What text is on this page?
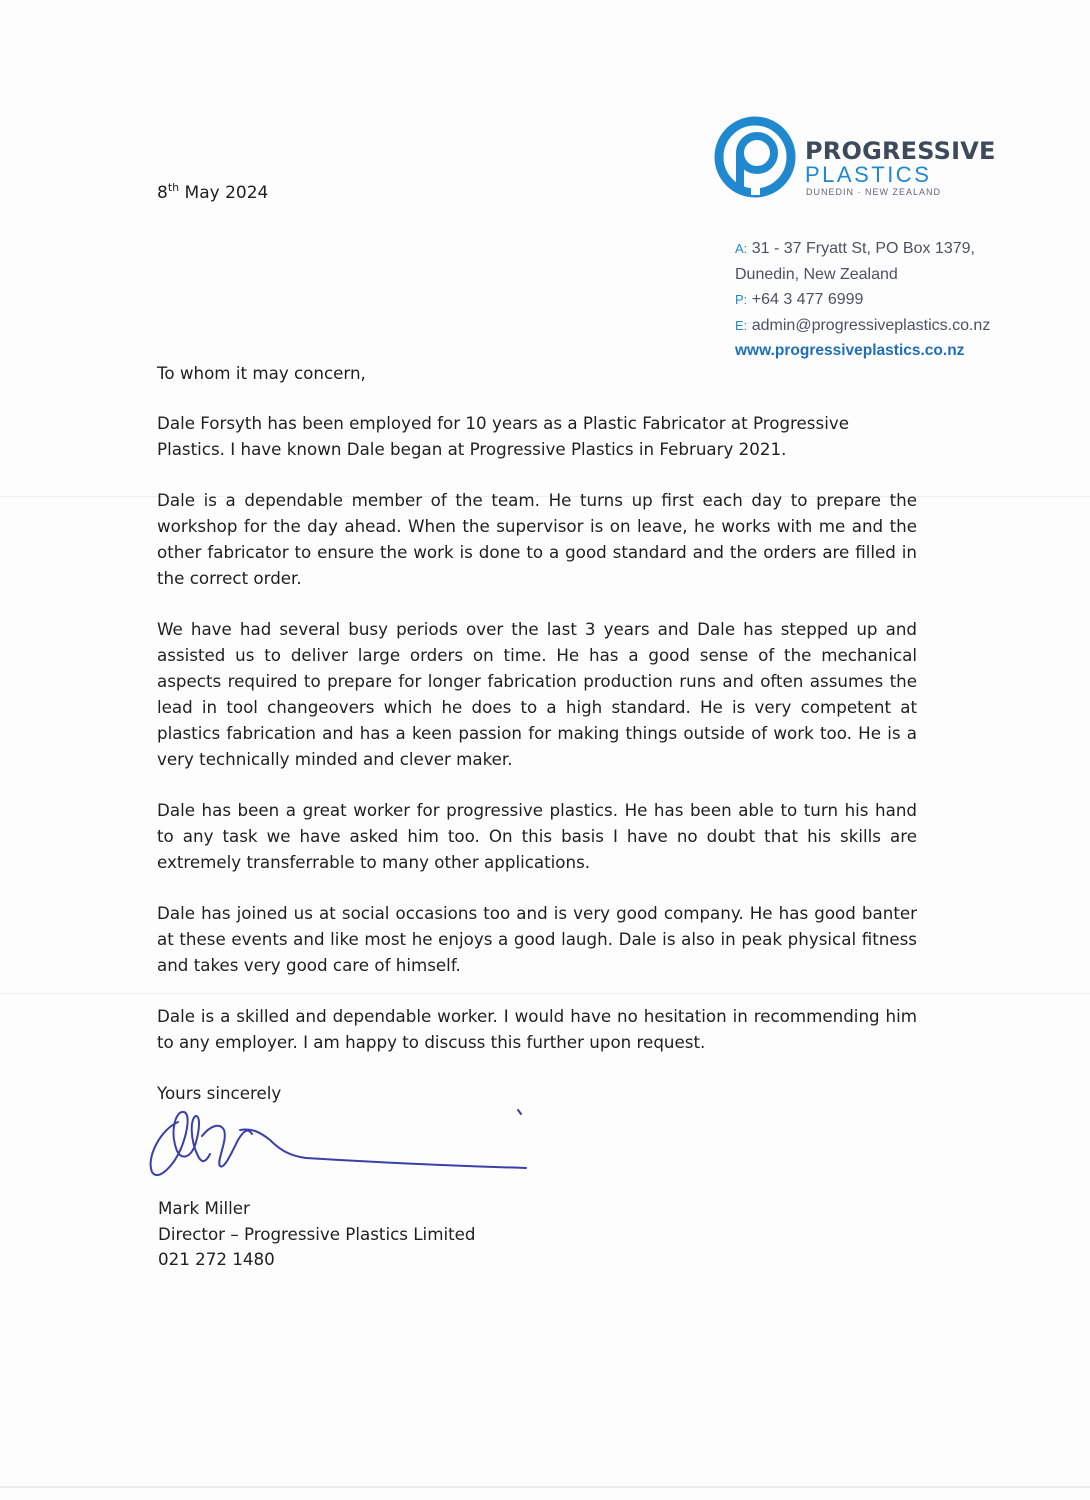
PROGRESSIVE
PLASTICS
DUNEDIN · NEW ZEALAND
8th May 2024
A: 31 - 37 Fryatt St, PO Box 1379,
Dunedin, New Zealand
P: +64 3 477 6999
E: admin@progressiveplastics.co.nz
www.progressiveplastics.co.nz

To whom it may concern,

Dale Forsyth has been employed for 10 years as a Plastic Fabricator at Progressive Plastics. I have known Dale began at Progressive Plastics in February 2021.

Dale is a dependable member of the team. He turns up first each day to prepare the workshop for the day ahead. When the supervisor is on leave, he works with me and the other fabricator to ensure the work is done to a good standard and the orders are filled in the correct order.

We have had several busy periods over the last 3 years and Dale has stepped up and assisted us to deliver large orders on time. He has a good sense of the mechanical aspects required to prepare for longer fabrication production runs and often assumes the lead in tool changeovers which he does to a high standard. He is very competent at plastics fabrication and has a keen passion for making things outside of work too. He is a very technically minded and clever maker.

Dale has been a great worker for progressive plastics. He has been able to turn his hand to any task we have asked him too. On this basis I have no doubt that his skills are extremely transferrable to many other applications.

Dale has joined us at social occasions too and is very good company. He has good banter at these events and like most he enjoys a good laugh. Dale is also in peak physical fitness and takes very good care of himself.

Dale is a skilled and dependable worker. I would have no hesitation in recommending him to any employer. I am happy to discuss this further upon request.

Yours sincerely

Mark Miller
Director – Progressive Plastics Limited
021 272 1480
